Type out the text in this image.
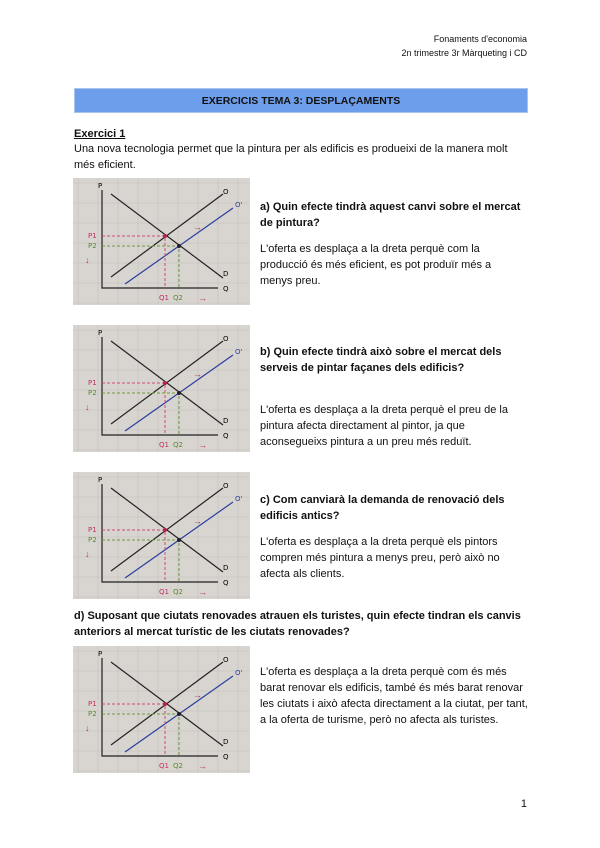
Fonaments d'economia
2n trimestre 3r Màrqueting i CD
EXERCICIS TEMA 3: DESPLAÇAMENTS
Exercici 1
Una nova tecnologia permet que la pintura per als edificis es produeixi de la manera molt més eficient.
P
Q
O
O'
D
P1
P2
Q1 Q2
→
→
↓
a) Quin efecte tindrà aquest canvi sobre el mercat de pintura?
L'oferta es desplaça a la dreta perquè com la producció és més eficient, es pot produïr més a menys preu.
P
Q
O
O'
D
P1
P2
Q1 Q2
→
→
↓
b) Quin efecte tindrà això sobre el mercat dels serveis de pintar façanes dels edificis?
L'oferta es desplaça a la dreta perquè el preu de la pintura afecta directament al pintor, ja que aconsegueixs pintura a un preu més reduït.
P
Q
O
O'
D
P1
P2
Q1 Q2
→
→
↓
c) Com canviarà la demanda de renovació dels edificis antics?
L'oferta es desplaça a la dreta perquè els pintors compren més pintura a menys preu, però això no afecta als clients.
d) Suposant que ciutats renovades atrauen els turistes, quin efecte tindran els canvis anteriors al mercat turístic de les ciutats renovades?
P
Q
O
O'
D
P1
P2
Q1 Q2
→
→
↓
L'oferta es desplaça a la dreta perquè com és més barat renovar els edificis, també és més barat renovar les ciutats i això afecta directament a la ciutat, per tant, a la oferta de turisme, però no afecta als turistes.
1
